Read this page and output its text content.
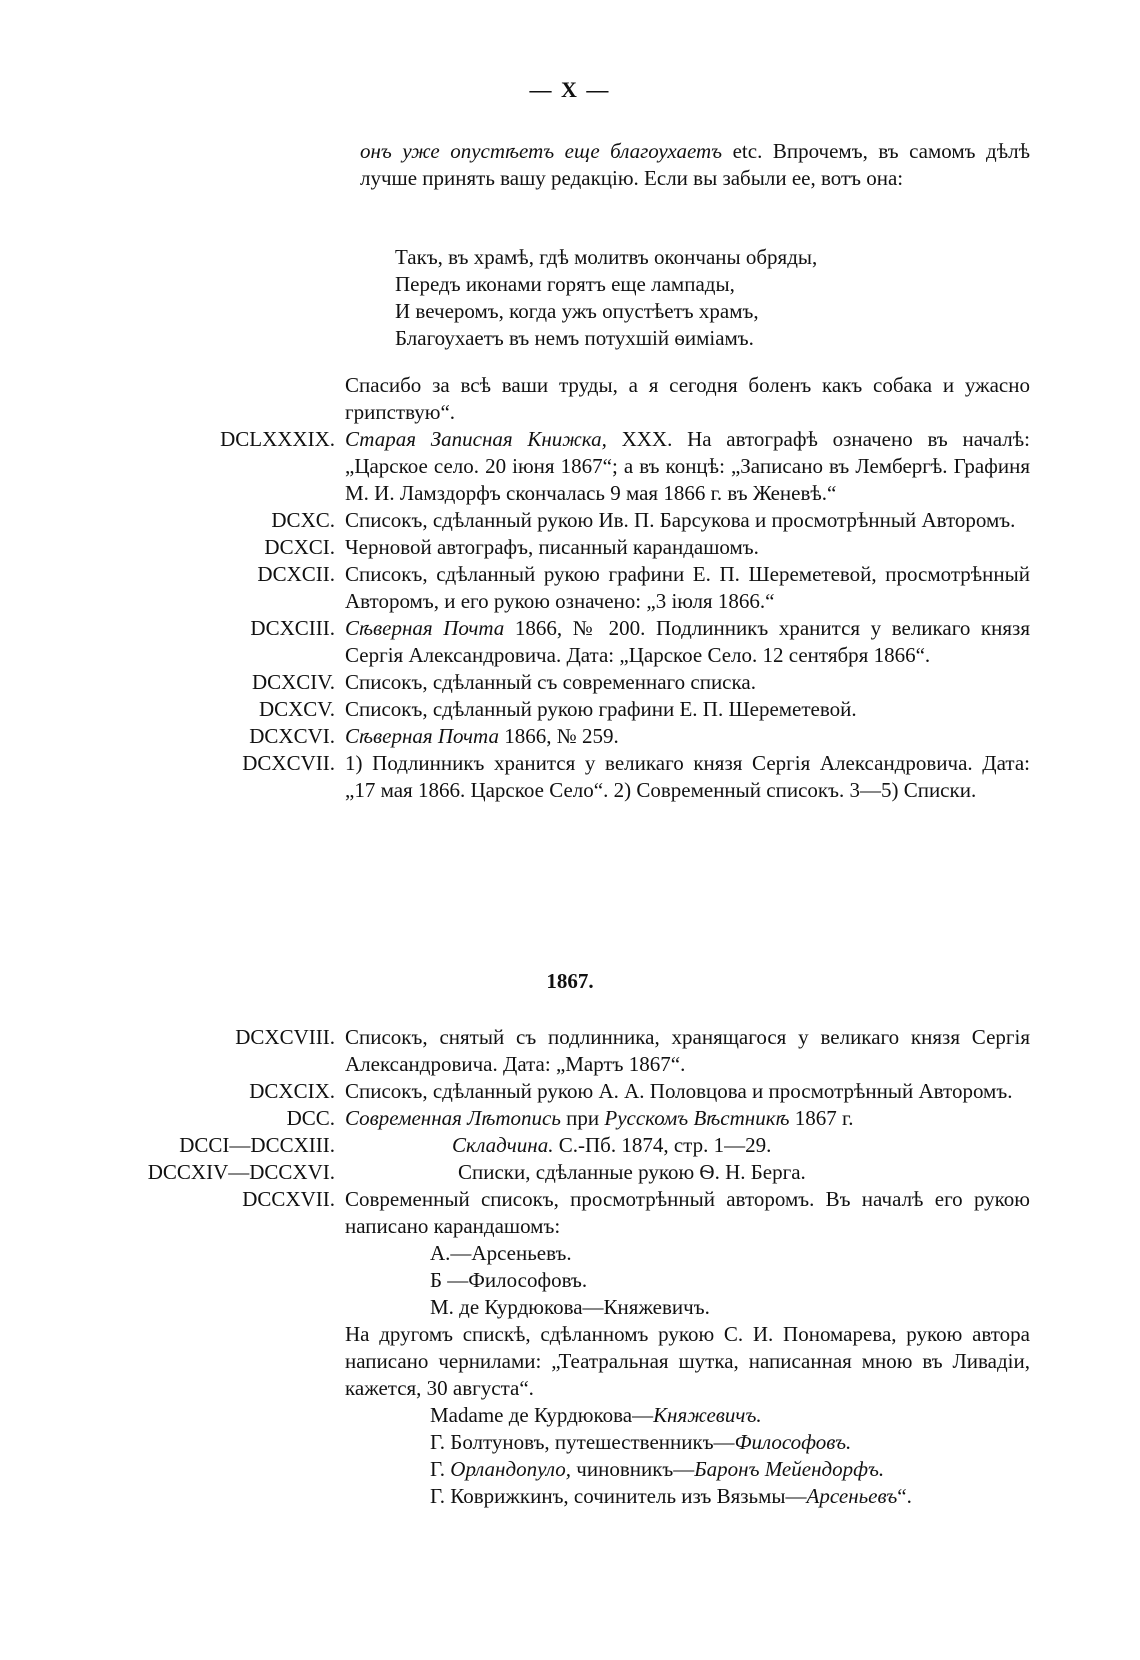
— X —
онъ уже опустѣетъ еще благоухаетъ etc. Впрочемъ, въ самомъ дѣлѣ лучше принять вашу редакцію. Если вы забыли ее, вотъ она:
Такъ, въ храмѣ, гдѣ молитвъ окончаны обряды,
Передъ иконами горятъ еще лампады,
И вечеромъ, когда ужъ опустѣетъ храмъ,
Благоухаетъ въ немъ потухшій ѳиміамъ.
Спасибо за всѣ ваши труды, а я сегодня боленъ какъ собака и ужасно грипствую“.
DCLXXXIX. Старая Записная Книжка, XXX. На автографѣ означено въ началѣ: „Царское село. 20 іюня 1867“; а въ концѣ: „Записано въ Лембергѣ. Графиня М. И. Ламздорфъ скончалась 9 мая 1866 г. въ Женевѣ.“
DCXC. Списокъ, сдѣланный рукою Ив. П. Барсукова и просмотрѣнный Авторомъ.
DCXCI. Черновой автографъ, писанный карандашомъ.
DCXCII. Списокъ, сдѣланный рукою графини Е. П. Шереметевой, просмотрѣнный Авторомъ, и его рукою означено: „3 іюля 1866.“
DCXCIII. Сѣверная Почта 1866, № 200. Подлинникъ хранится у великаго князя Сергія Александровича. Дата: „Царское Село. 12 сентября 1866“.
DCXCIV. Списокъ, сдѣланный съ современнаго списка.
DCXCV. Списокъ, сдѣланный рукою графини Е. П. Шереметевой.
DCXCVI. Сѣверная Почта 1866, № 259.
DCXCVII. 1) Подлинникъ хранится у великаго князя Сергія Александровича. Дата: „17 мая 1866. Царское Село“. 2) Современный списокъ. 3—5) Списки.
1867.
DCXCVIII. Списокъ, снятый съ подлинника, хранящагося у великаго князя Сергія Александровича. Дата: „Мартъ 1867“.
DCXCIX. Списокъ, сдѣланный рукою А. А. Половцова и просмотрѣнный Авторомъ.
DCC. Современная Лѣтопись при Русскомъ Вѣстникѣ 1867 г.
DCCI—DCCXIII.	Складчина. С.-Пб. 1874, стр. 1—29.
DCCXIV—DCCXVI.	Списки, сдѣланные рукою Ѳ. Н. Берга.
DCCXVII. Современный списокъ, просмотрѣнный авторомъ. Въ началѣ его рукою написано карандашомъ:
А.—Арсеньевъ.
Б —Философовъ.
М. де Курдюкова—Княжевичъ.
На другомъ спискѣ, сдѣланномъ рукою С. И. Пономарева, рукою автора написано чернилами: „Театральная шутка, написанная мною въ Ливадіи, кажется, 30 августа“.
Madame де Курдюкова—Княжевичъ.
Г. Болтуновъ, путешественникъ—Философовъ.
Г. Орландопуло, чиновникъ—Баронъ Мейендорфъ.
Г. Коврижкинъ, сочинитель изъ Вязьмы—Арсеньевъ“.
